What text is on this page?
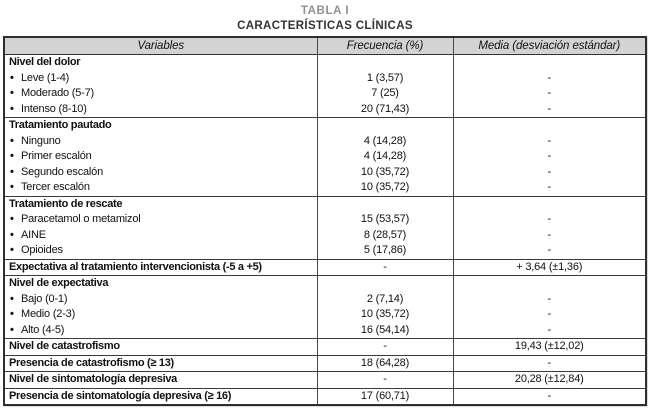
TABLA I
CARACTERÍSTICAS CLÍNICAS
Variables	Frecuencia (%)	Media (desviación estándar)
Nivel del dolor		
• Leve (1-4)	1 (3,57)	-
• Moderado (5-7)	7 (25)	-
• Intenso (8-10)	20 (71,43)	-
Tratamiento pautado		
• Ninguno	4 (14,28)	-
• Primer escalón	4 (14,28)	-
• Segundo escalón	10 (35,72)	-
• Tercer escalón	10 (35,72)	-
Tratamiento de rescate		
• Paracetamol o metamizol	15 (53,57)	-
• AINE	8 (28,57)	-
• Opioides	5 (17,86)	-
Expectativa al tratamiento intervencionista (-5 a +5)	-	+ 3,64 (±1,36)
Nivel de expectativa		
• Bajo (0-1)	2 (7,14)	-
• Medio (2-3)	10 (35,72)	-
• Alto (4-5)	16 (54,14)	-
Nivel de catastrofismo	-	19,43 (±12,02)
Presencia de catastrofismo (≥ 13)	18 (64,28)	-
Nivel de sintomatología depresiva	-	20,28 (±12,84)
Presencia de sintomatología depresiva (≥ 16)	17 (60,71)	-
